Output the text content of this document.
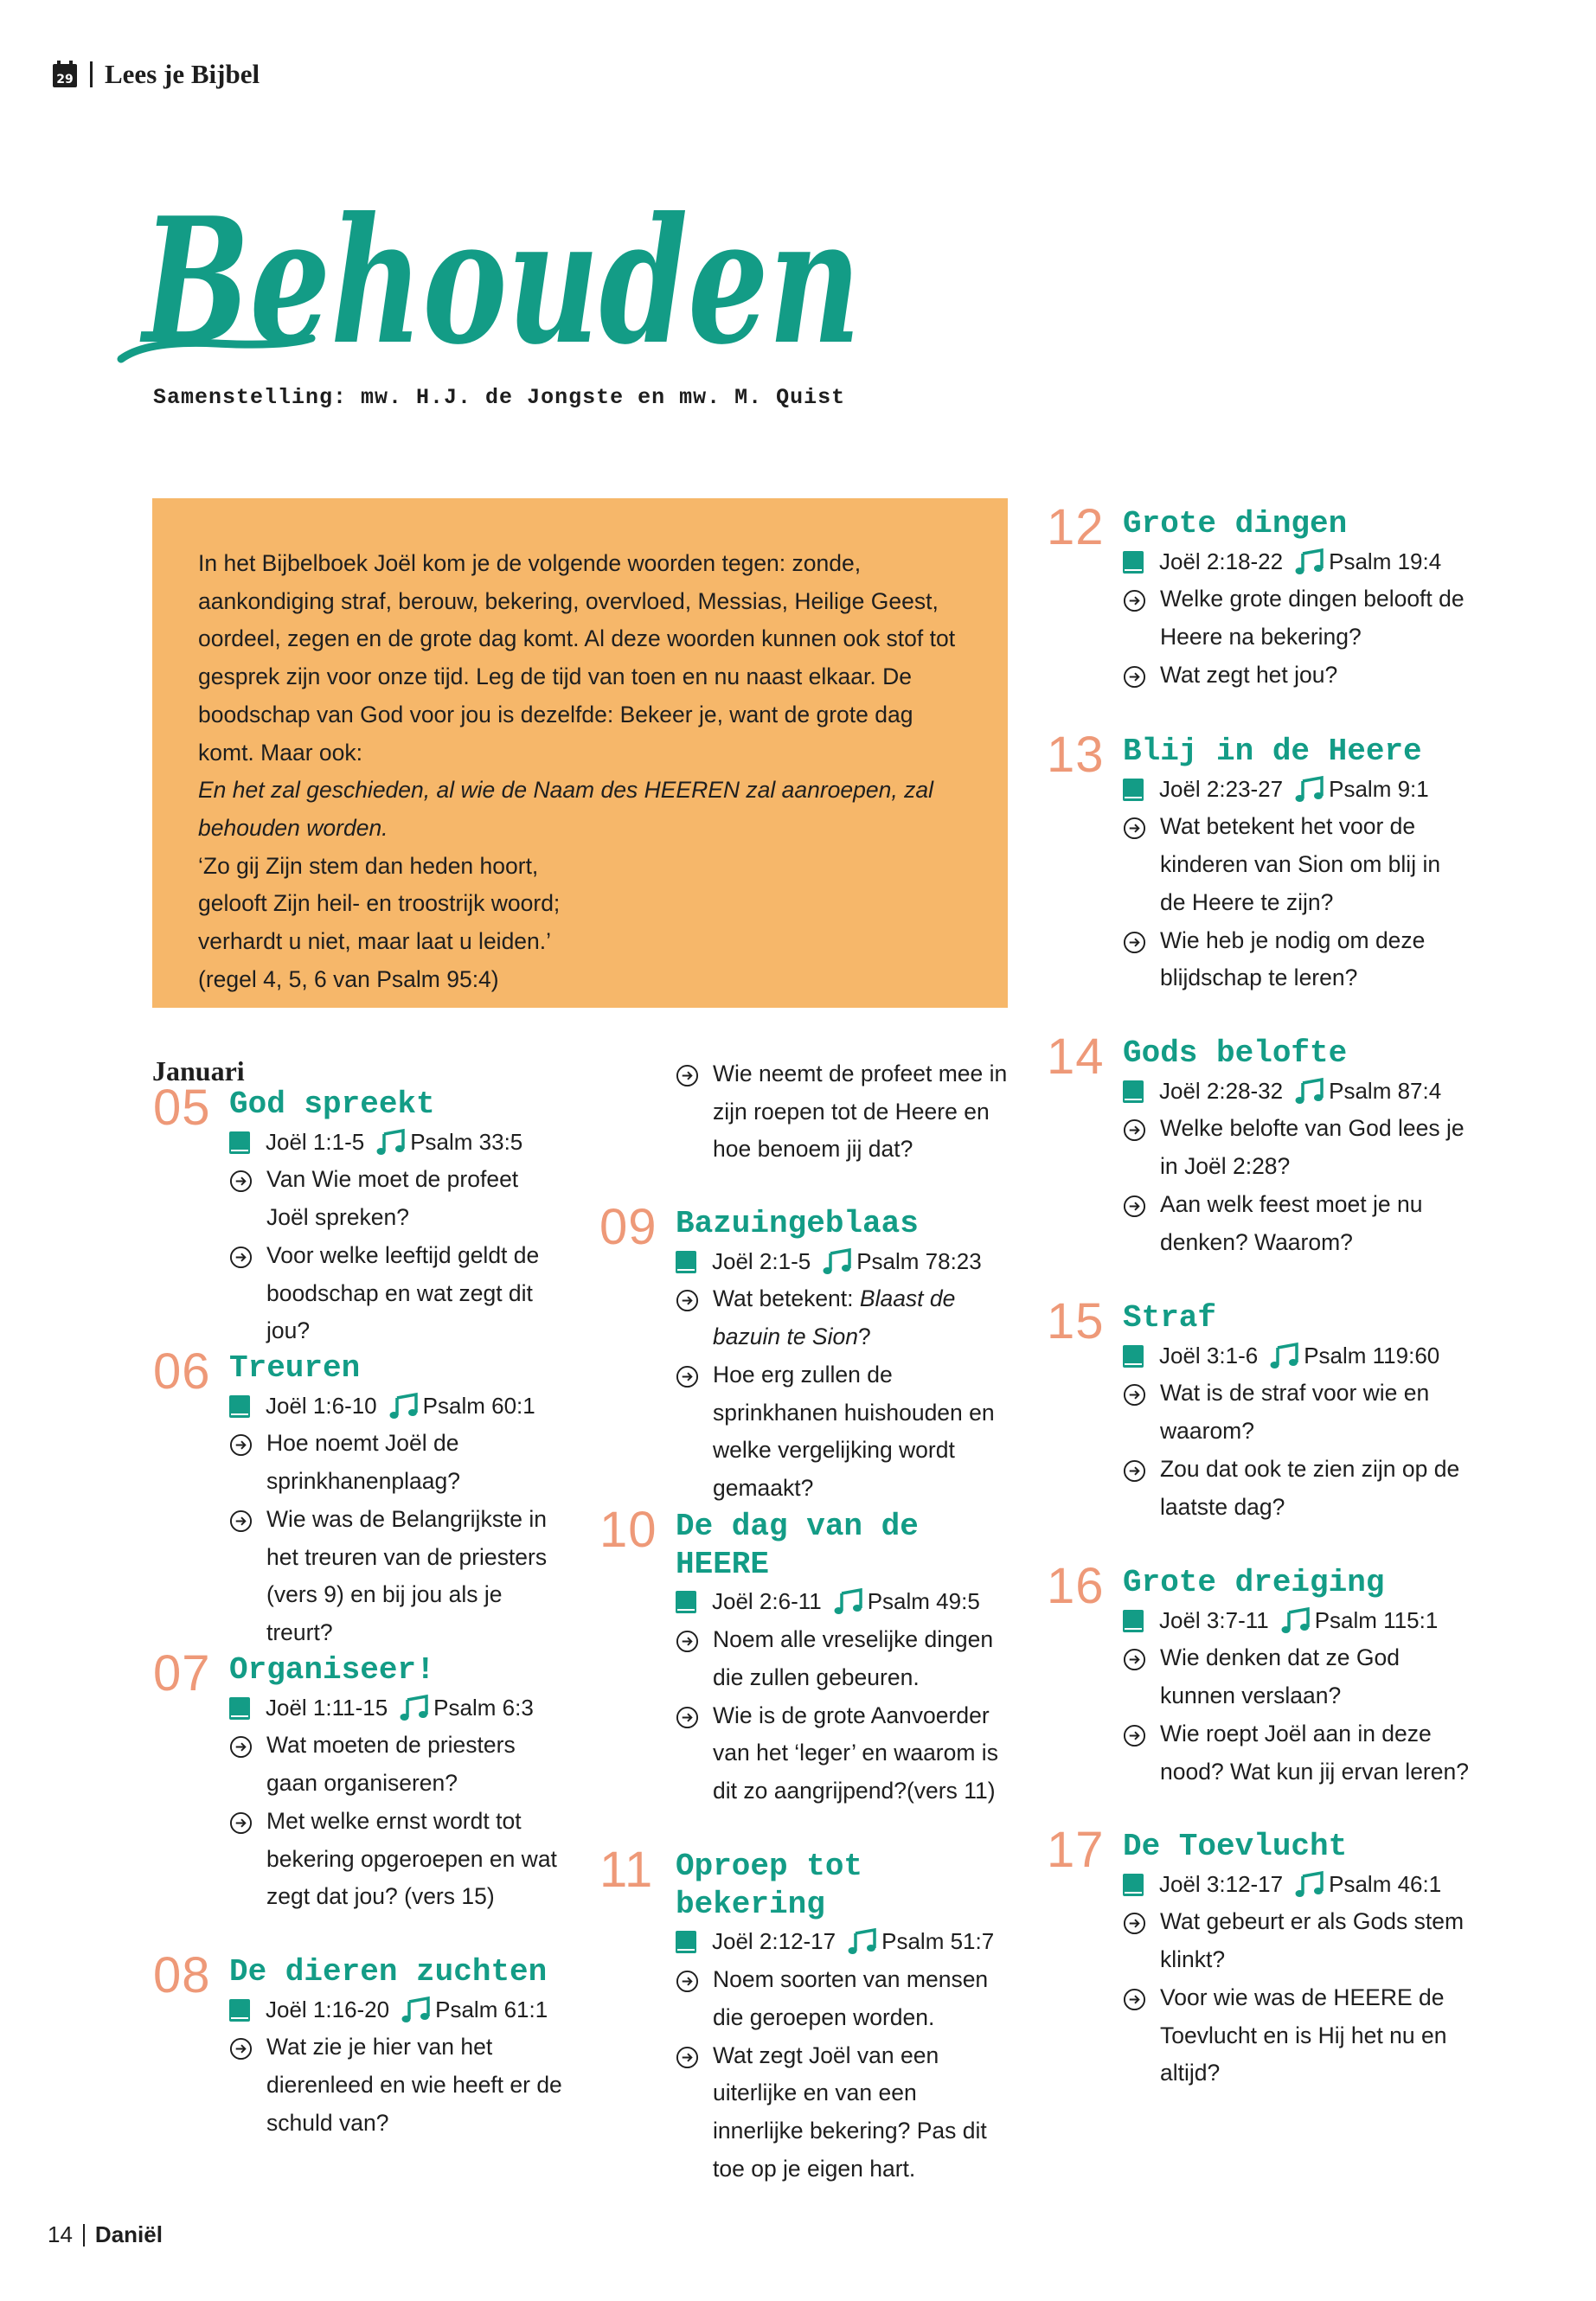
29 Lees je Bijbel
Behouden
Samenstelling: mw. H.J. de Jongste en mw. M. Quist

In het Bijbelboek Joël kom je de volgende woorden tegen: zonde, aankondiging straf, berouw, bekering, overvloed, Messias, Heilige Geest, oordeel, zegen en de grote dag komt. Al deze woorden kunnen ook stof tot gesprek zijn voor onze tijd. Leg de tijd van toen en nu naast elkaar. De boodschap van God voor jou is dezelfde: Bekeer je, want de grote dag komt. Maar ook:

En het zal geschieden, al wie de Naam des HEEREN zal aanroepen, zal behouden worden.

‘Zo gij Zijn stem dan heden hoort,

gelooft Zijn heil- en troostrijk woord;

verhardt u niet, maar laat u leiden.’

(regel 4, 5, 6 van Psalm 95:4)

Januari
05 God spreekt
Joël 1:1-5 Psalm 33:5

Van Wie moet de profeet Joël spreken?

Voor welke leeftijd geldt de boodschap en wat zegt dit jou?

06 Treuren
Joël 1:6-10 Psalm 60:1

Hoe noemt Joël de sprinkhanenplaag?

Wie was de Belangrijkste in het treuren van de priesters (vers 9) en bij jou als je treurt?

07 Organiseer!
Joël 1:11-15 Psalm 6:3

Wat moeten de priesters gaan organiseren?

Met welke ernst wordt tot bekering opgeroepen en wat zegt dat jou? (vers 15)

08 De dieren zuchten
Joël 1:16-20 Psalm 61:1

Wat zie je hier van het dierenleed en wie heeft er de schuld van?

Wie neemt de profeet mee in zijn roepen tot de Heere en hoe benoem jij dat?

09 Bazuingeblaas
Joël 2:1-5 Psalm 78:23

Wat betekent: Blaast de bazuin te Sion?

Hoe erg zullen de sprinkhanen huishouden en welke vergelijking wordt gemaakt?

10 De dag van de HEERE
Joël 2:6-11 Psalm 49:5

Noem alle vreselijke dingen die zullen gebeuren.

Wie is de grote Aanvoerder van het ‘leger’ en waarom is dit zo aangrijpend?(vers 11)

11 Oproep tot bekering
Joël 2:12-17 Psalm 51:7

Noem soorten van mensen die geroepen worden.

Wat zegt Joël van een uiterlijke en van een innerlijke bekering? Pas dit toe op je eigen hart.

12 Grote dingen
Joël 2:18-22 Psalm 19:4

Welke grote dingen belooft de Heere na bekering?

Wat zegt het jou?

13 Blij in de Heere
Joël 2:23-27 Psalm 9:1

Wat betekent het voor de kinderen van Sion om blij in de Heere te zijn?

Wie heb je nodig om deze blijdschap te leren?

14 Gods belofte
Joël 2:28-32 Psalm 87:4

Welke belofte van God lees je in Joël 2:28?

Aan welk feest moet je nu denken? Waarom?

15 Straf
Joël 3:1-6 Psalm 119:60

Wat is de straf voor wie en waarom?

Zou dat ook te zien zijn op de laatste dag?

16 Grote dreiging
Joël 3:7-11 Psalm 115:1

Wie denken dat ze God kunnen verslaan?

Wie roept Joël aan in deze nood? Wat kun jij ervan leren?

17 De Toevlucht
Joël 3:12-17 Psalm 46:1

Wat gebeurt er als Gods stem klinkt?

Voor wie was de HEERE de Toevlucht en is Hij het nu en altijd?

14 Daniël
